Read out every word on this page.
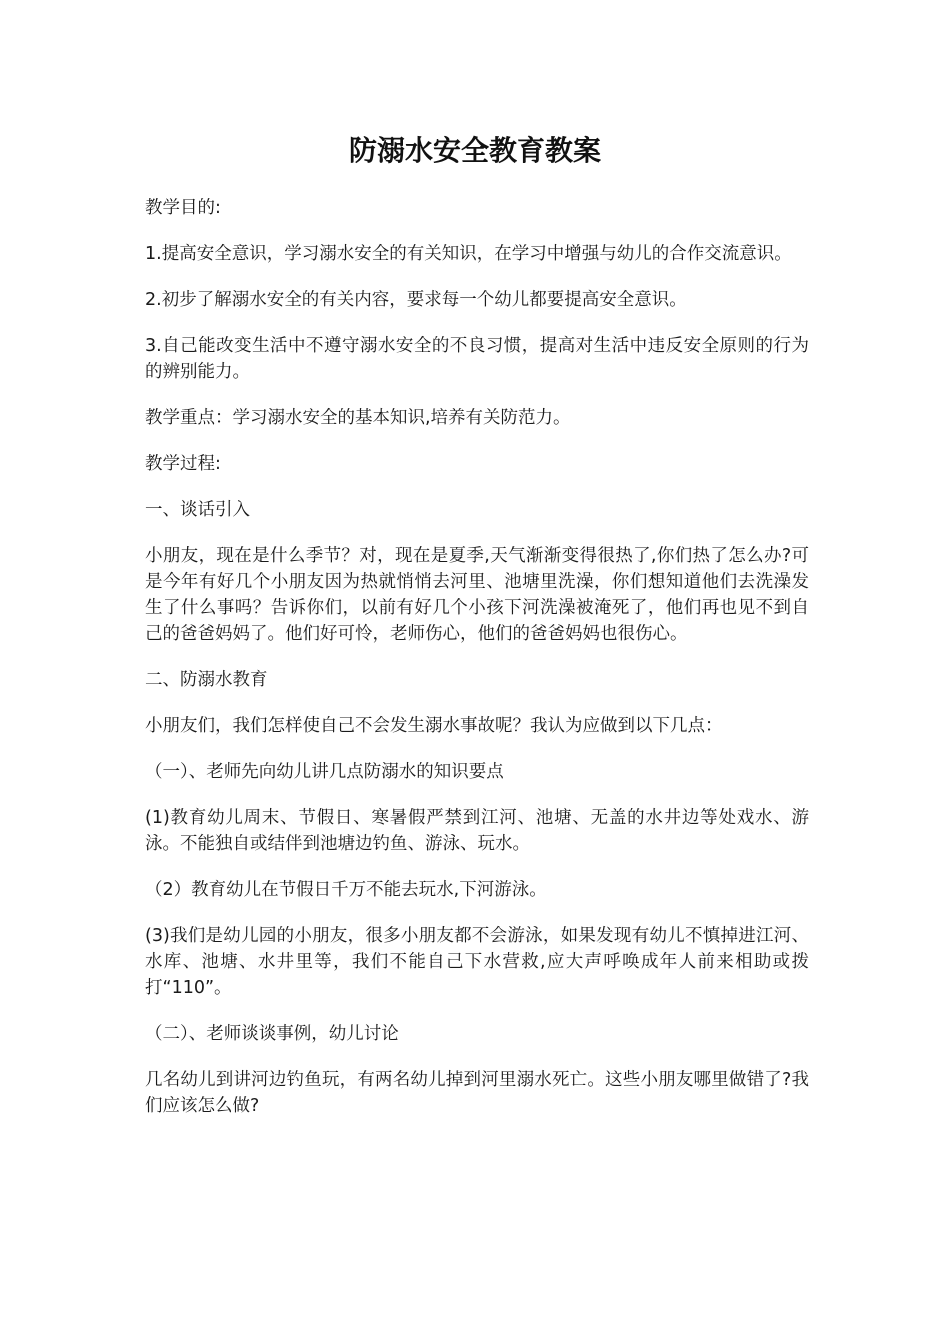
防溺水安全教育教案

教学目的:

1.提高安全意识，学习溺水安全的有关知识，在学习中增强与幼儿的合作交流意识。

2.初步了解溺水安全的有关内容，要求每一个幼儿都要提高安全意识。

3.自己能改变生活中不遵守溺水安全的不良习惯，提高对生活中违反安全原则的行为的辨别能力。

教学重点：学习溺水安全的基本知识,培养有关防范力。

教学过程:

一、谈话引入

小朋友，现在是什么季节？对，现在是夏季,天气渐渐变得很热了,你们热了怎么办?可是今年有好几个小朋友因为热就悄悄去河里、池塘里洗澡，你们想知道他们去洗澡发生了什么事吗？告诉你们，以前有好几个小孩下河洗澡被淹死了，他们再也见不到自己的爸爸妈妈了。他们好可怜，老师伤心，他们的爸爸妈妈也很伤心。

二、防溺水教育

小朋友们，我们怎样使自己不会发生溺水事故呢？我认为应做到以下几点：

（一）、老师先向幼儿讲几点防溺水的知识要点

(1)教育幼儿周末、节假日、寒暑假严禁到江河、池塘、无盖的水井边等处戏水、游泳。不能独自或结伴到池塘边钓鱼、游泳、玩水。

（2）教育幼儿在节假日千万不能去玩水,下河游泳。

(3)我们是幼儿园的小朋友，很多小朋友都不会游泳，如果发现有幼儿不慎掉进江河、水库、池塘、水井里等，我们不能自己下水营救,应大声呼唤成年人前来相助或拨打“110”。

（二）、老师谈谈事例，幼儿讨论

几名幼儿到讲河边钓鱼玩，有两名幼儿掉到河里溺水死亡。这些小朋友哪里做错了?我们应该怎么做?
